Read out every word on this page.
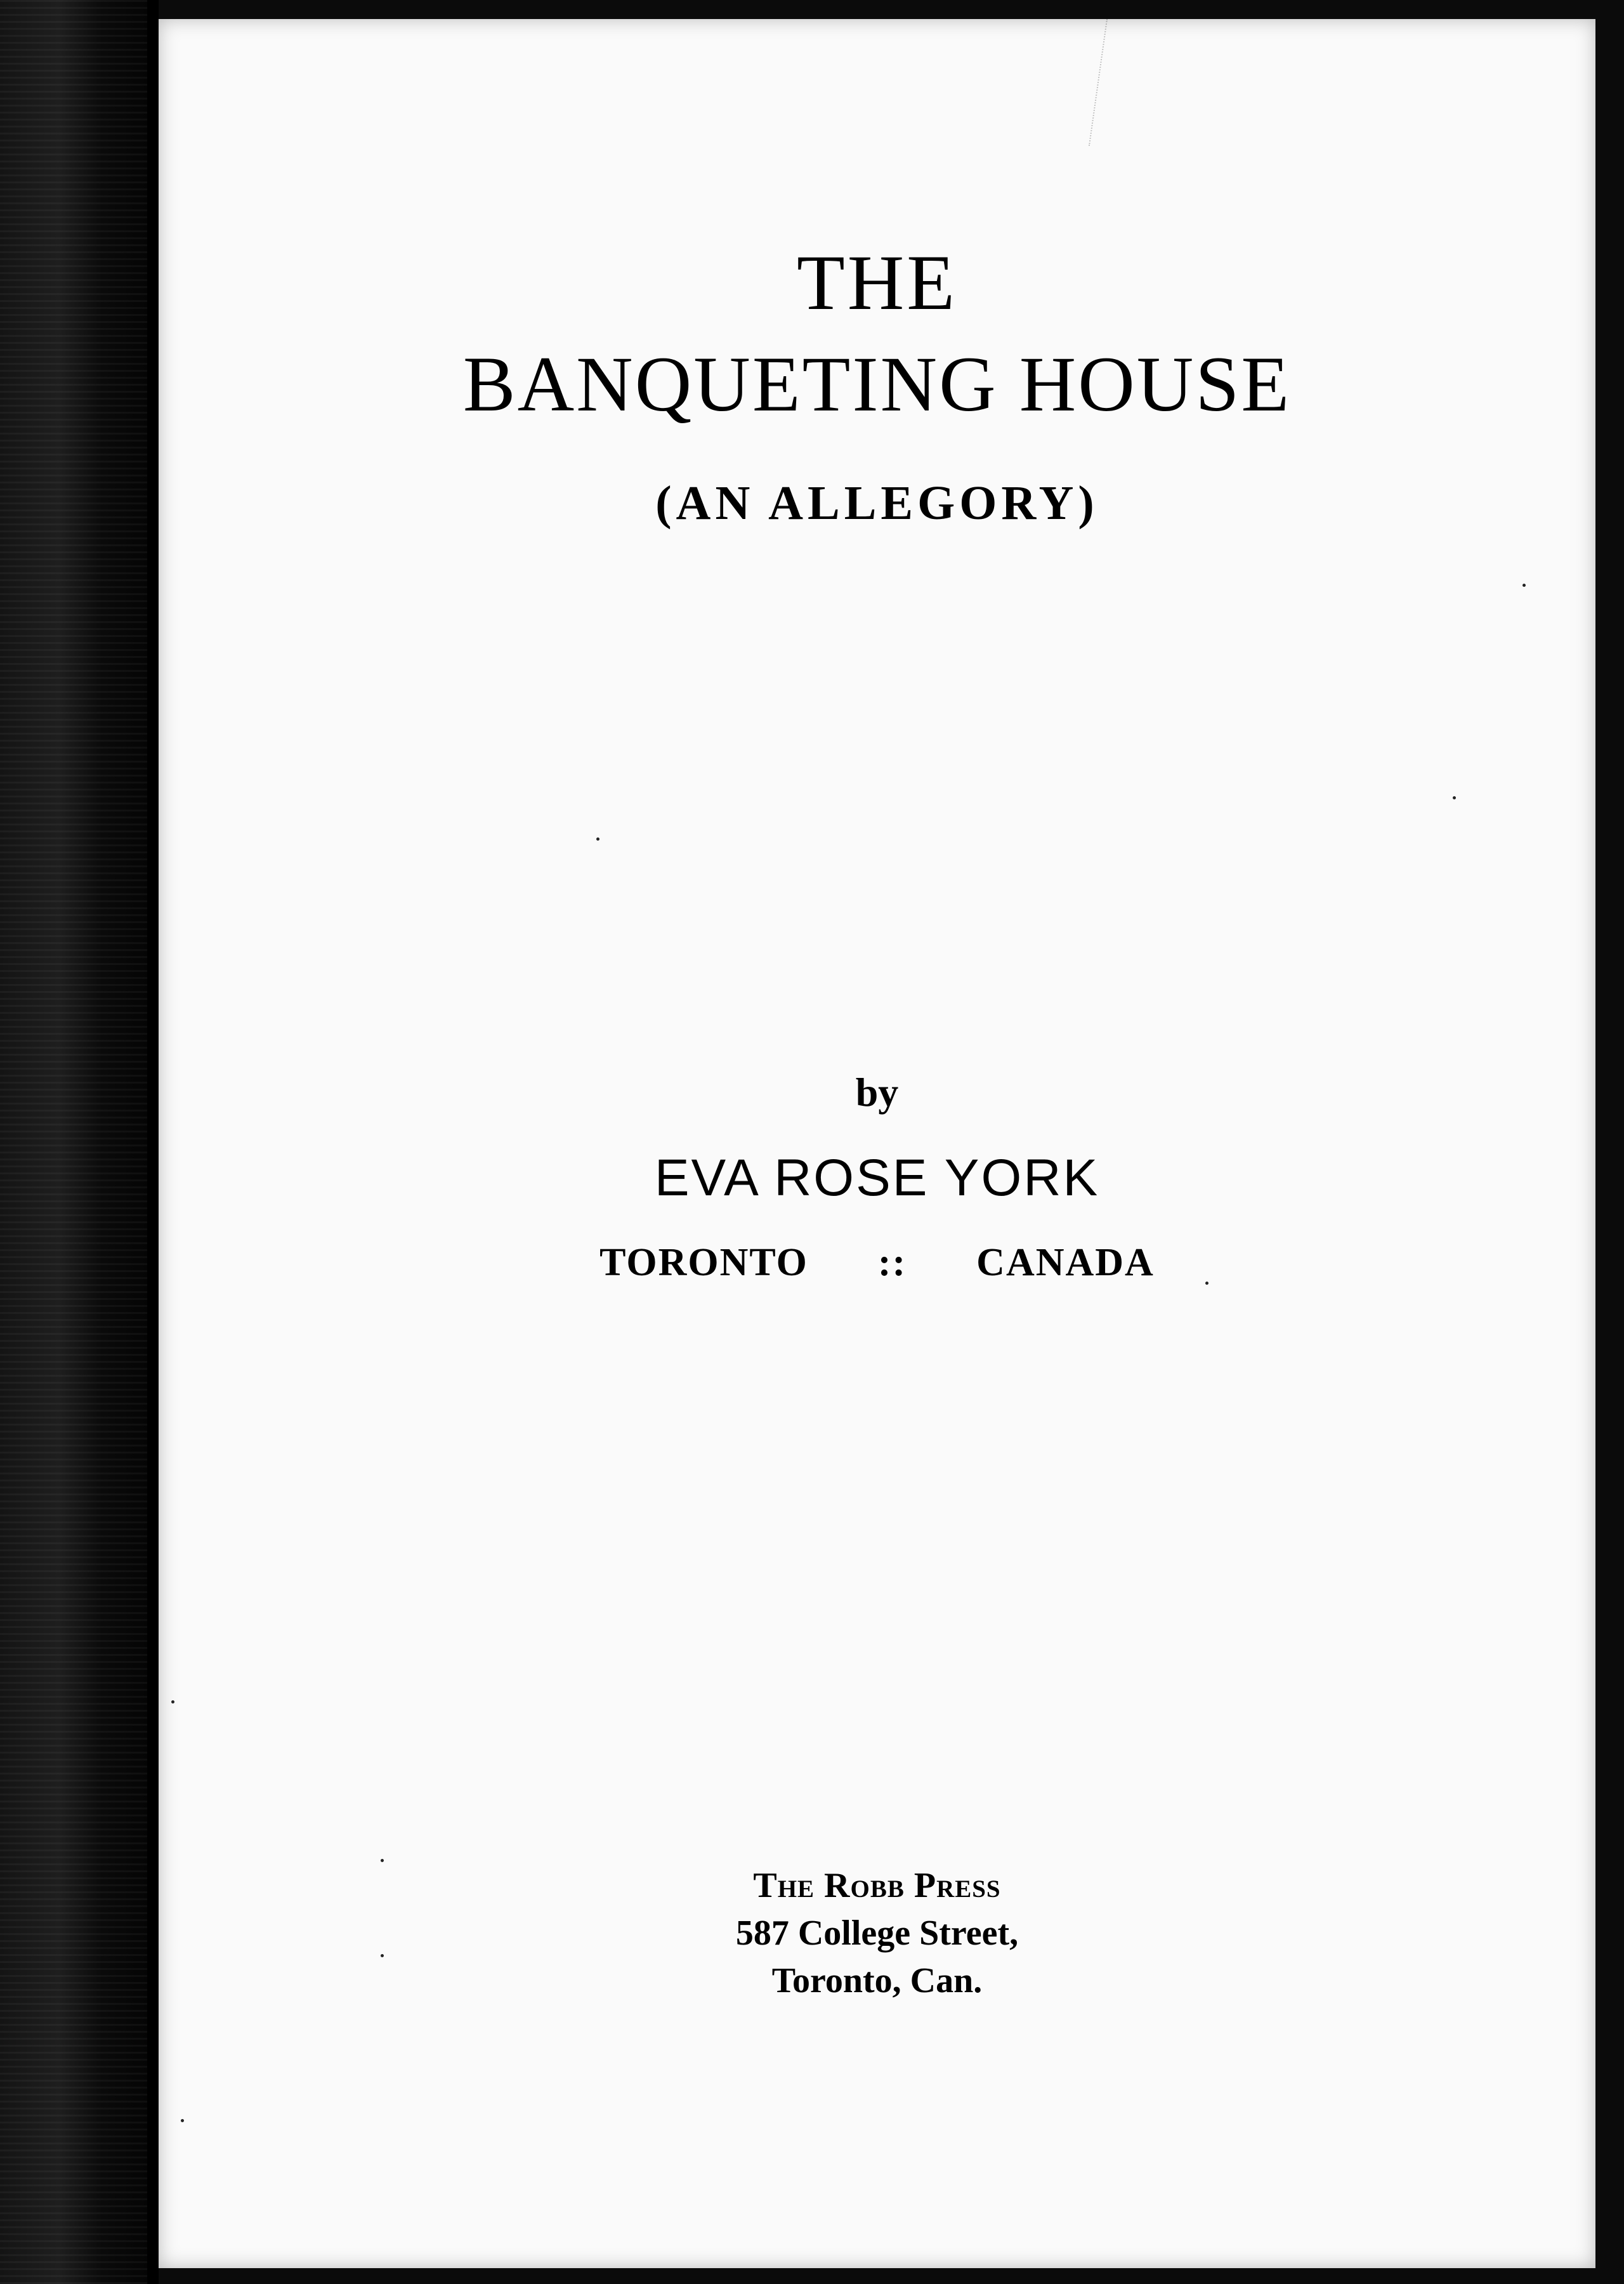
THE
BANQUETING HOUSE
(AN ALLEGORY)
by
EVA ROSE YORK
TORONTO :: CANADA
The Robb Press
587 College Street,
Toronto, Can.
